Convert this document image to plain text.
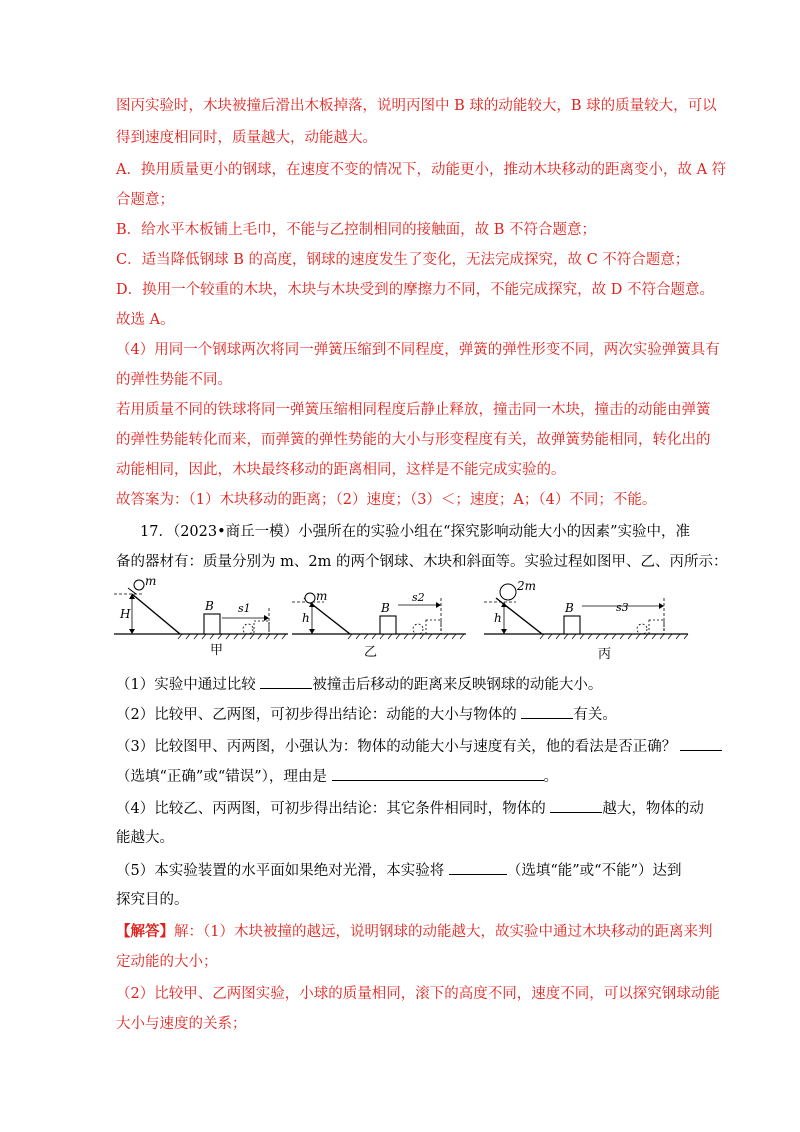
图丙实验时，木块被撞后滑出木板掉落，说明丙图中 B 球的动能较大，B 球的质量较大，可以
得到速度相同时，质量越大，动能越大。
A．换用质量更小的钢球，在速度不变的情况下，动能更小，推动木块移动的距离变小，故 A 符
合题意；
B．给水平木板铺上毛巾，不能与乙控制相同的接触面，故 B 不符合题意；
C．适当降低钢球 B 的高度，钢球的速度发生了变化，无法完成探究，故 C 不符合题意；
D．换用一个较重的木块，木块与木块受到的摩擦力不同，不能完成探究，故 D 不符合题意。
故选 A。
（4）用同一个钢球两次将同一弹簧压缩到不同程度，弹簧的弹性形变不同，两次实验弹簧具有
的弹性势能不同。
若用质量不同的铁球将同一弹簧压缩相同程度后静止释放，撞击同一木块，撞击的动能由弹簧
的弹性势能转化而来，而弹簧的弹性势能的大小与形变程度有关，故弹簧势能相同，转化出的
动能相同，因此，木块最终移动的距离相同，这样是不能完成实验的。
故答案为：（1）木块移动的距离；（2）速度；（3）＜；速度；A；（4）不同；不能。
17．（2023•商丘一模）小强所在的实验小组在“探究影响动能大小的因素”实验中，准
备的器材有：质量分别为 m、2m 的两个钢球、木块和斜面等。实验过程如图甲、乙、丙所示：
H
m
B s1
甲
h
m
B
s2
乙
h
2m
B	s3
丙
（1）实验中通过比较	被撞击后移动的距离来反映钢球的动能大小。
（2）比较甲、乙两图，可初步得出结论：动能的大小与物体的	有关。
（3）比较图甲、丙两图，小强认为：物体的动能大小与速度有关，他的看法是否正确？
（选填“正确”或“错误”），理由是	。
（4）比较乙、丙两图，可初步得出结论：其它条件相同时，物体的	越大，物体的动
能越大。
（5）本实验装置的水平面如果绝对光滑，本实验将	（选填“能”或“不能”）达到
探究目的。
【解答】解：（1）木块被撞的越远，说明钢球的动能越大，故实验中通过木块移动的距离来判
定动能的大小；
（2）比较甲、乙两图实验，小球的质量相同，滚下的高度不同，速度不同，可以探究钢球动能
大小与速度的关系；
